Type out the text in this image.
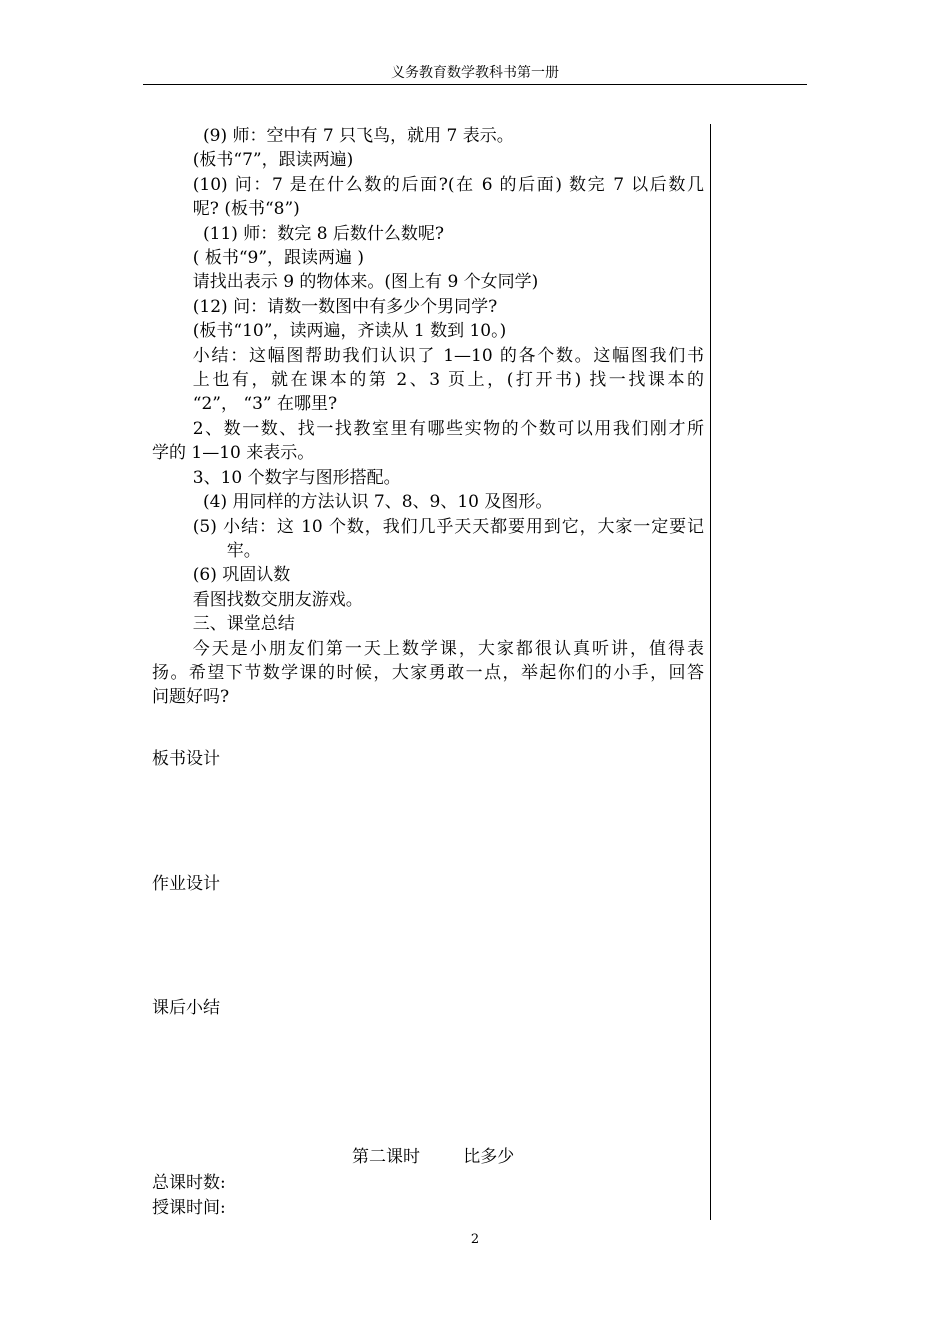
义务教育数学教科书第一册

(9) 师：空中有 7 只飞鸟，就用 7 表示。

(板书“7”，跟读两遍)

(10) 问：7 是在什么数的后面?(在 6 的后面) 数完 7 以后数几

呢? (板书“8”)

(11) 师：数完 8 后数什么数呢?

( 板书“9”，跟读两遍 )

请找出表示 9 的物体来。(图上有 9 个女同学)

(12) 问：请数一数图中有多少个男同学?

(板书“10”，读两遍，齐读从 1 数到 10。)

小结：这幅图帮助我们认识了 1—10 的各个数。这幅图我们书

上也有，就在课本的第 2、3 页上，(打开书) 找一找课本的

“2”， “3” 在哪里?

2、数一数、找一找教室里有哪些实物的个数可以用我们刚才所

学的 1—10 来表示。

3、10 个数字与图形搭配。

(4) 用同样的方法认识 7、8、9、10 及图形。

(5) 小结：这 10 个数，我们几乎天天都要用到它，大家一定要记

牢。

(6) 巩固认数

看图找数交朋友游戏。

三、课堂总结

今天是小朋友们第一天上数学课，大家都很认真听讲，值得表

扬。希望下节数学课的时候，大家勇敢一点，举起你们的小手，回答

问题好吗?

板书设计
作业设计
课后小结
第二课时        比多少
总课时数:
授课时间:
2
